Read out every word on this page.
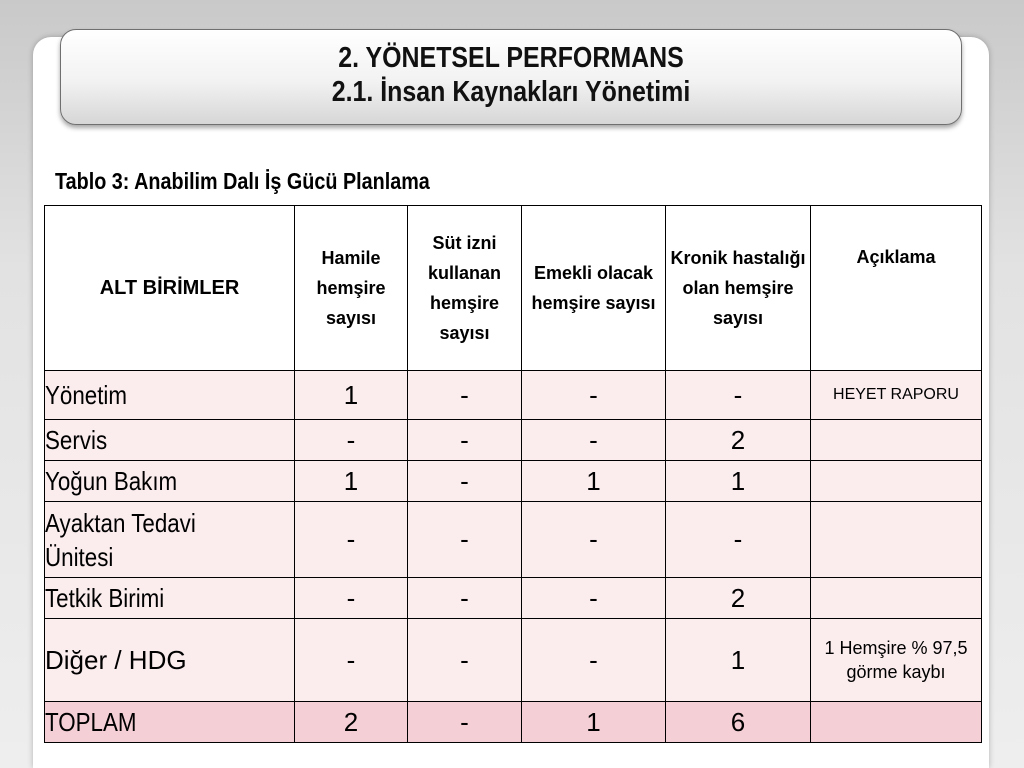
2. YÖNETSEL PERFORMANS
2.1. İnsan Kaynakları Yönetimi
Tablo 3: Anabilim Dalı İş Gücü Planlama
ALT BİRİMLER	Hamile hemşire sayısı	Süt izni kullanan hemşire sayısı	Emekli olacak hemşire sayısı	Kronik hastalığı olan hemşire sayısı	Açıklama
Yönetim	1	-	-	-	HEYET RAPORU
Servis	-	-	-	2	
Yoğun Bakım	1	-	1	1	
Ayaktan Tedavi Ünitesi	-	-	-	-	
Tetkik Birimi	-	-	-	2	
Diğer / HDG	-	-	-	1	1 Hemşire % 97,5 görme kaybı
TOPLAM	2	-	1	6	
